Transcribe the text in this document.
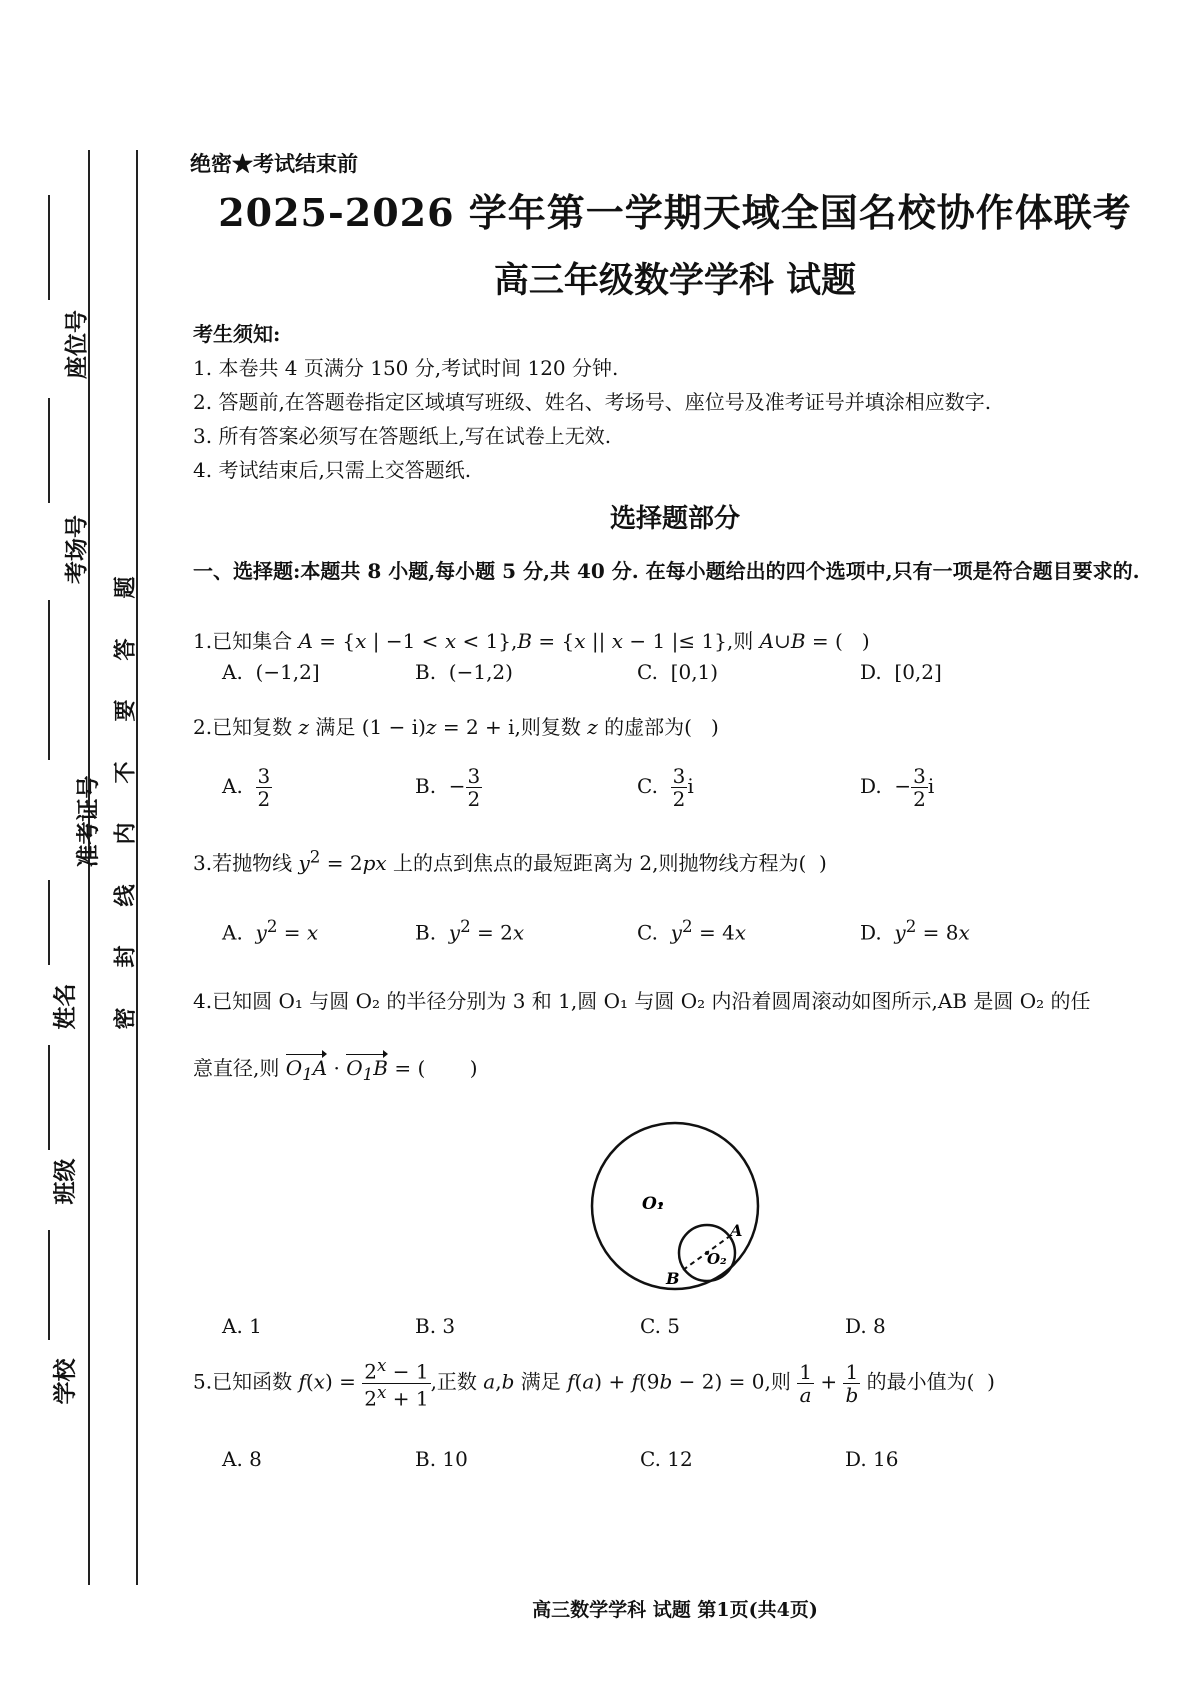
座位号
考场号
准考证号
姓名
班级
学校
题
答
要
不
内
线
封
密
绝密★考试结束前
2025-2026 学年第一学期天域全国名校协作体联考
高三年级数学学科 试题
考生须知:
1. 本卷共 4 页满分 150 分,考试时间 120 分钟.
2. 答题前,在答题卷指定区域填写班级、姓名、考场号、座位号及准考证号并填涂相应数字.
3. 所有答案必须写在答题纸上,写在试卷上无效.
4. 考试结束后,只需上交答题纸.
选择题部分
一、选择题:本题共 8 小题,每小题 5 分,共 40 分. 在每小题给出的四个选项中,只有一项是符合题目要求的.
1.已知集合 A = {x | −1 < x < 1},B = {x || x − 1 |≤ 1},则 A∪B = (   )
A.  (−1,2]	B.  (−1,2)	C.  [0,1)	D.  [0,2]
2.已知复数 z 满足 (1 − i)z = 2 + i,则复数 z 的虚部为(   )
A. $\frac{3}{2}$	B.  − $\frac{3}{2}$	C. $\frac{3}{2}$ i	D.  − $\frac{3}{2}$ i
3.若抛物线 $y^2 = 2px$ 上的点到焦点的最短距离为 2,则抛物线方程为(  )
A.  $y^2 = x$	B.  $y^2 = 2x$	C.  $y^2 = 4x$	D.  $y^2 = 8x$
4.已知圆 O₁ 与圆 O₂ 的半径分别为 3 和 1,圆 O₁ 与圆 O₂ 内沿着圆周滚动如图所示,AB 是圆 O₂ 的任
意直径,则 $O_1A \cdot O_1B$ = (       )
O₁
A
O₂
B
A. 1	B. 3	C. 5	D. 8
5.已知函数 $f(x) = \frac{2^x - 1}{2^x + 1}$ ,正数 a,b 满足 f(a) + f(9b − 2) = 0,则 $\frac{1}{a} + \frac{1}{b}$ 的最小值为(  )
A. 8	B. 10	C. 12	D. 16
高三数学学科 试题 第1页(共4页)
